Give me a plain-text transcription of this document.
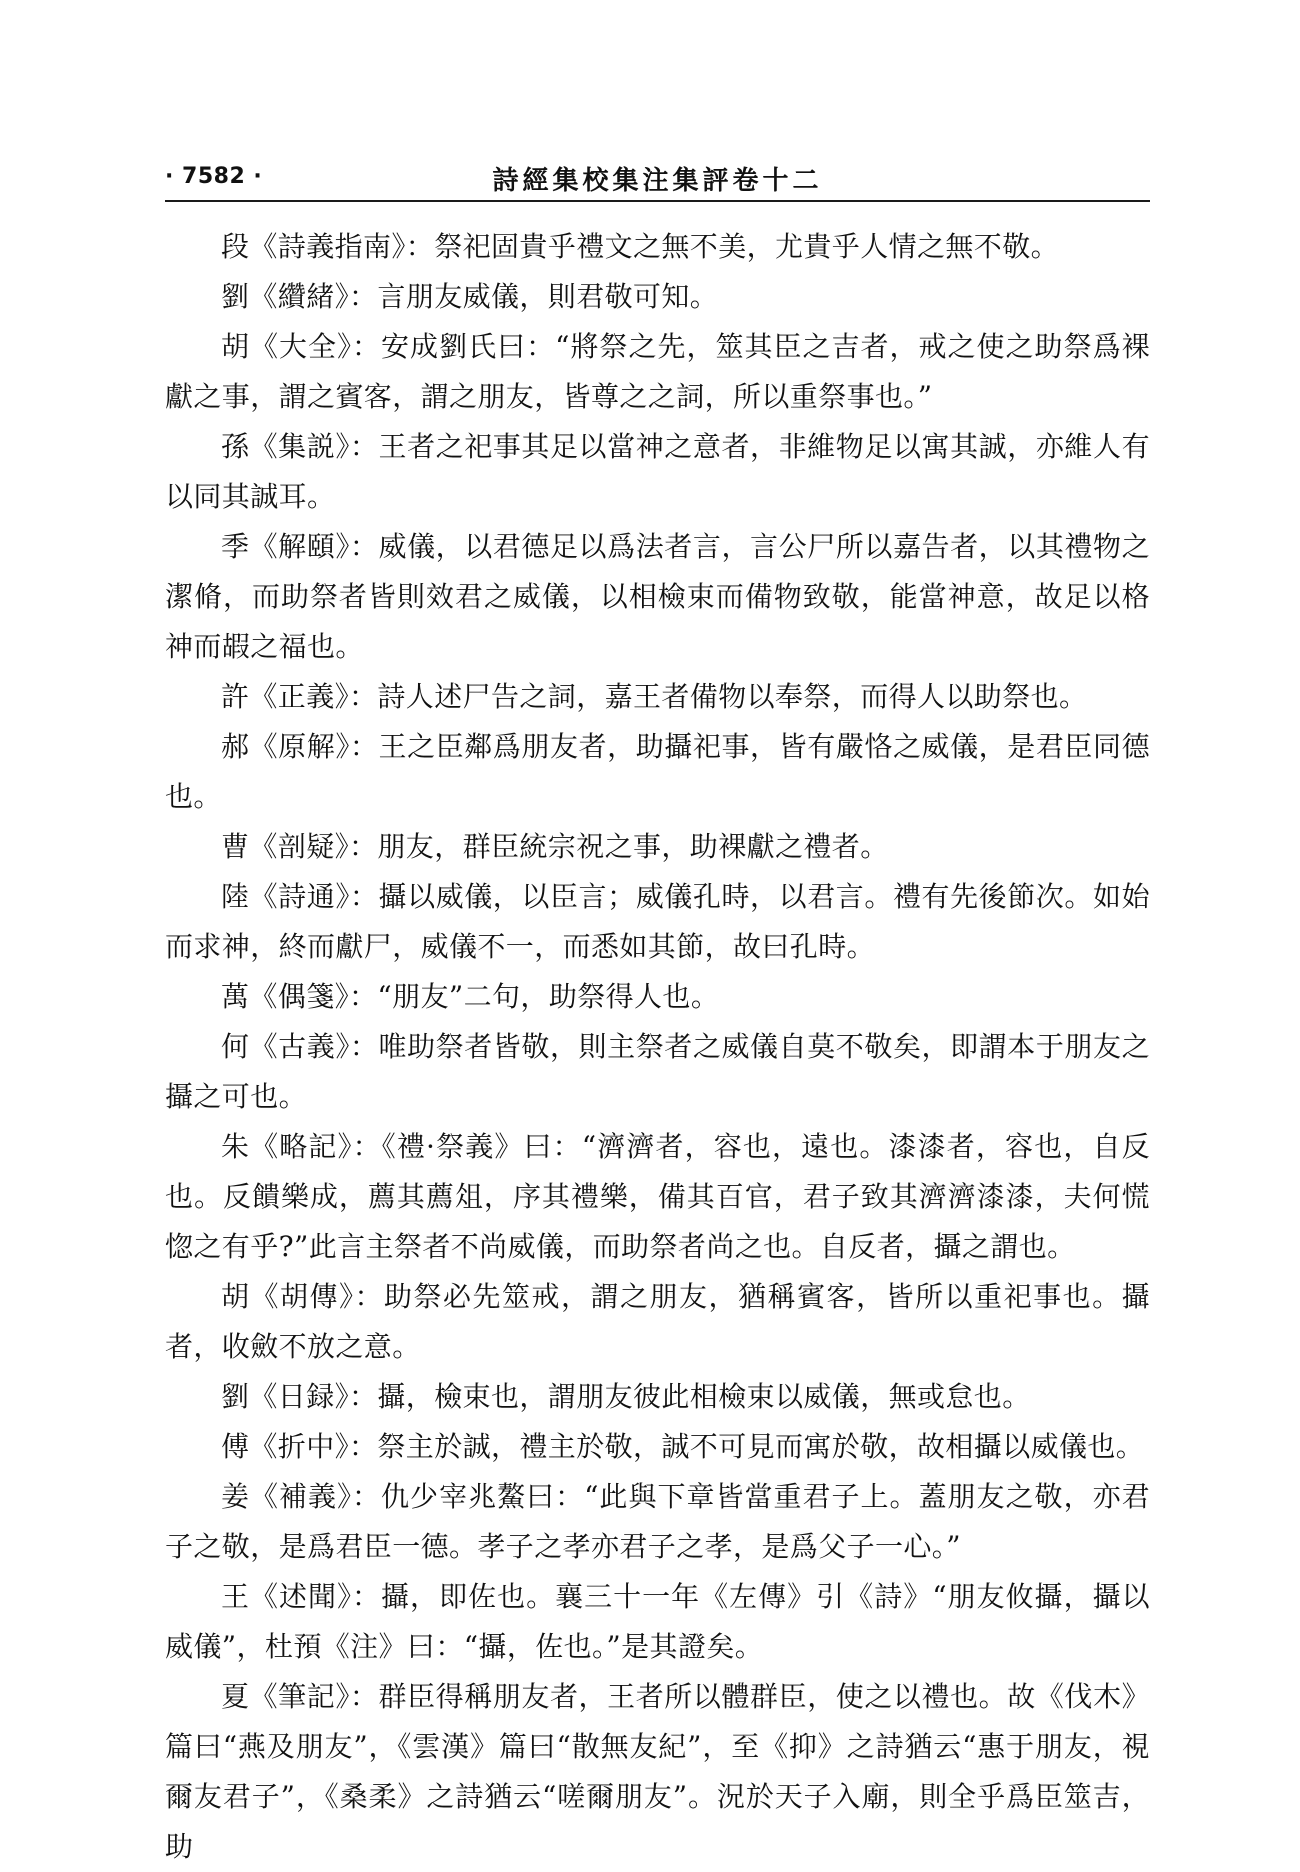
· 7582 ·	詩經集校集注集評卷十二

段《詩義指南》：祭祀固貴乎禮文之無不美，尤貴乎人情之無不敬。

劉《纘緒》：言朋友威儀，則君敬可知。

胡《大全》：安成劉氏曰：“將祭之先，筮其臣之吉者，戒之使之助祭爲裸獻之事，謂之賓客，謂之朋友，皆尊之之詞，所以重祭事也。”

孫《集説》：王者之祀事其足以當神之意者，非維物足以寓其誠，亦維人有以同其誠耳。

季《解頤》：威儀，以君德足以爲法者言，言公尸所以嘉告者，以其禮物之潔脩，而助祭者皆則效君之威儀，以相檢束而備物致敬，能當神意，故足以格神而嘏之福也。

許《正義》：詩人述尸告之詞，嘉王者備物以奉祭，而得人以助祭也。

郝《原解》：王之臣鄰爲朋友者，助攝祀事，皆有嚴恪之威儀，是君臣同德也。

曹《剖疑》：朋友，群臣統宗祝之事，助裸獻之禮者。

陸《詩通》：攝以威儀，以臣言；威儀孔時，以君言。禮有先後節次。如始而求神，終而獻尸，威儀不一，而悉如其節，故曰孔時。

萬《偶箋》：“朋友”二句，助祭得人也。

何《古義》：唯助祭者皆敬，則主祭者之威儀自莫不敬矣，即謂本于朋友之攝之可也。

朱《略記》：《禮·祭義》曰：“濟濟者，容也，遠也。漆漆者，容也，自反也。反饋樂成，薦其薦俎，序其禮樂，備其百官，君子致其濟濟漆漆，夫何慌惚之有乎?”此言主祭者不尚威儀，而助祭者尚之也。自反者，攝之謂也。

胡《胡傳》：助祭必先筮戒，謂之朋友，猶稱賓客，皆所以重祀事也。攝者，收斂不放之意。

劉《日録》：攝，檢束也，謂朋友彼此相檢束以威儀，無或怠也。

傅《折中》：祭主於誠，禮主於敬，誠不可見而寓於敬，故相攝以威儀也。

姜《補義》：仇少宰兆鰲曰：“此與下章皆當重君子上。蓋朋友之敬，亦君子之敬，是爲君臣一德。孝子之孝亦君子之孝，是爲父子一心。”

王《述聞》：攝，即佐也。襄三十一年《左傳》引《詩》“朋友攸攝，攝以威儀”，杜預《注》曰：“攝，佐也。”是其證矣。

夏《筆記》：群臣得稱朋友者，王者所以體群臣，使之以禮也。故《伐木》篇曰“燕及朋友”，《雲漢》篇曰“散無友紀”，至《抑》之詩猶云“惠于朋友，視爾友君子”，《桑柔》之詩猶云“嗟爾朋友”。況於天子入廟，則全乎爲臣筮吉，助
